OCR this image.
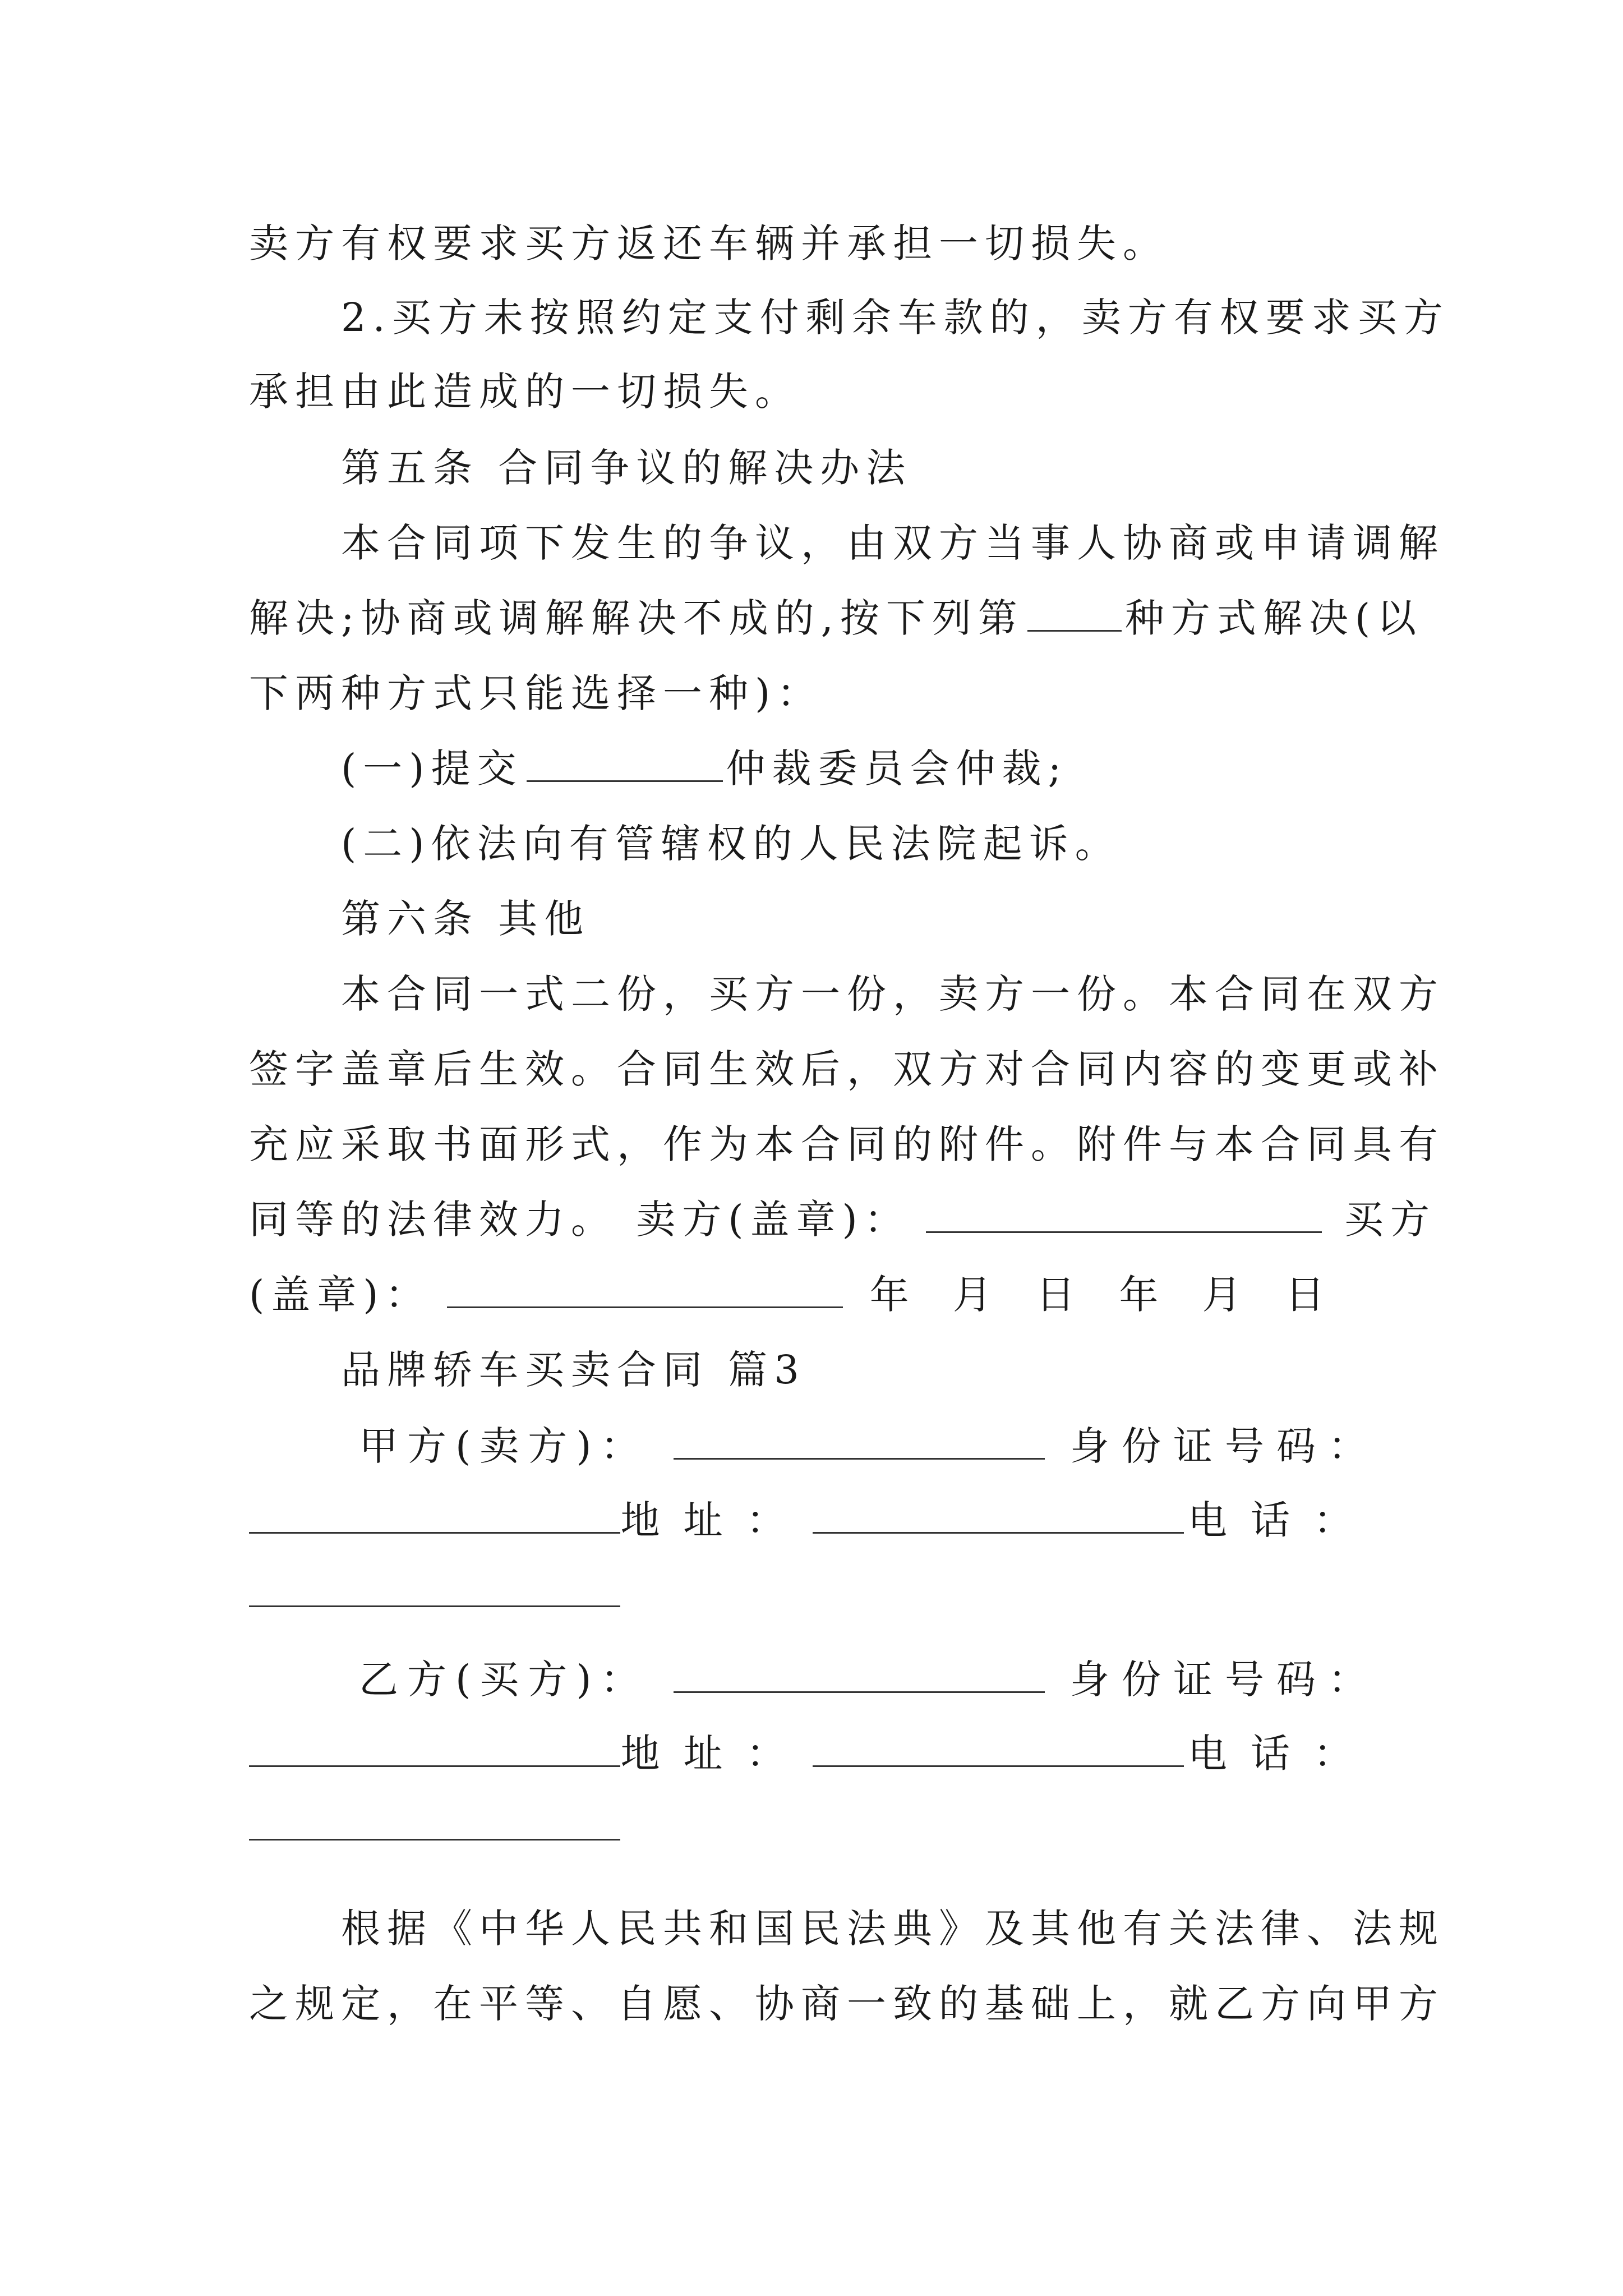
卖方有权要求买方返还车辆并承担一切损失。
2.买方未按照约定支付剩余车款的，卖方有权要求买方
承担由此造成的一切损失。
第五条 合同争议的解决办法
本合同项下发生的争议，由双方当事人协商或申请调解
解决;协商或调解解决不成的,按下列第	种方式解决(以
下两种方式只能选择一种)：
(一)提交	仲裁委员会仲裁;
(二)依法向有管辖权的人民法院起诉。
第六条 其他
本合同一式二份，买方一份，卖方一份。本合同在双方
签字盖章后生效。合同生效后，双方对合同内容的变更或补
充应采取书面形式，作为本合同的附件。附件与本合同具有
同等的法律效力。 卖方(盖章)：	买方
(盖章)：	年 月 日 年 月 日
品牌轿车买卖合同 篇3
甲方(卖方)：	身份证号码：
地址：	电话：
乙方(买方)：	身份证号码：
地址：	电话：
根据《中华人民共和国民法典》及其他有关法律、法规
之规定，在平等、自愿、协商一致的基础上，就乙方向甲方
